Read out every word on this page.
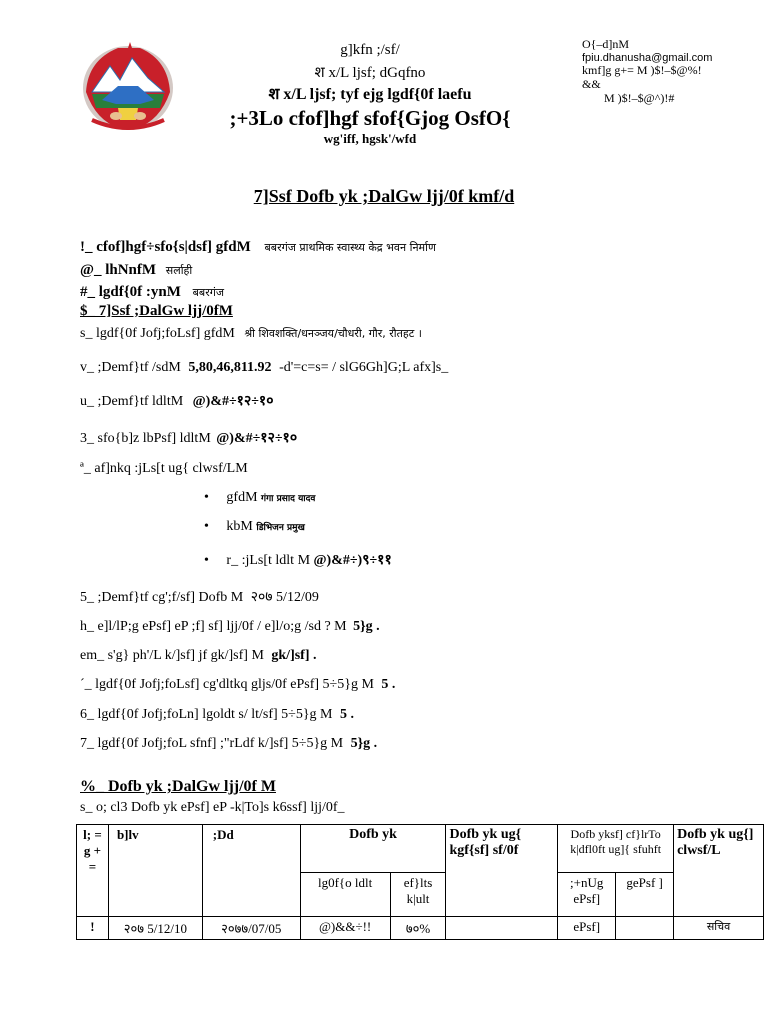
g]kfn ;/sf/
श x/L ljsf; dGqfno
श x/L ljsf; tyf ejg lgdf{0f laefu
;+3Lo cfof]hgf sfof{Gjog OsfO{
wg'iff, hgsk'/wfd
O{–d]nM
fpiu.dhanusha@gmail.com
kmf]g g+= M )$!–$@%!
&&
M )$!–$@^)!#
7]Ssf Dofb yk ;DalGw ljj/0f kmf/d
!_ cfof]hgf÷sfo{s|dsf] gfdM बबरगंज प्राथमिक स्वास्थ्य केद्र भवन निर्माण
@_ lhNnfM सर्लाही
#_ lgdf{0f :ynM बबरगंज
$_ 7]Ssf ;DalGw ljj/0fM
s_ lgdf{0f Jofj;foLsf] gfdM श्री शिवशक्ति/धनञ्जय/चौधरी, गौर, रौतहट ।
v_ ;Demf}tf /sdM 5,80,46,811.92 -d'=c=s= / slG6Gh]G;L afx]s_
u_ ;Demf}tf ldltM @)&#÷१२÷१०
3_ sfo{b]z lbPsf] ldltM @)&#÷१२÷१०
ª_ af]nkq :jLs[t ug{ clwsf/LM
•     gfdM गंगा प्रसाद यादव
•     kbM डिभिजन प्रमुख
•     r_ :jLs[t ldlt M @)&#÷)९÷११
5_ ;Demf}tf cg';f/sf] Dofb M २०७ 5/12/09
h_ e]l/lP;g ePsf] eP ;f] sf] ljj/0f / e]l/o;g /sd ? M 5}g .
em_ s'g} ph'/L k/]sf] jf gk/]sf] M gk/]sf] .
´_ lgdf{0f Jofj;foLsf] cg'dltkq gljs/0f ePsf] 5÷5}g M 5 .
6_ lgdf{0f Jofj;foLn] lgoldt s/ lt/sf] 5÷5}g M 5 .
7_ lgdf{0f Jofj;foL sfnf] ;"rLdf k/]sf] 5÷5}g M 5}g .
%_ Dofb yk ;DalGw ljj/0f M
s_ o; cl3 Dofb yk ePsf] eP -k|To]s k6ssf] ljj/0f_
l; = g + =	b]lv	;Dd	Dofb yk		Dofb yk ug{ kgf{sf] sf/0f	Dofb yksf] cf}lrTo k|dfl0ft ug]{ sfuhft		Dofb yk ug{] clwsf/L
			lg0f{o ldlt	ef}lts k|ult		;+nUg ePsf]	gePsf ]	
!	२०७ 5/12/10	२०७७/07/05	@)&&÷!!	७०%		ePsf]		सचिव
